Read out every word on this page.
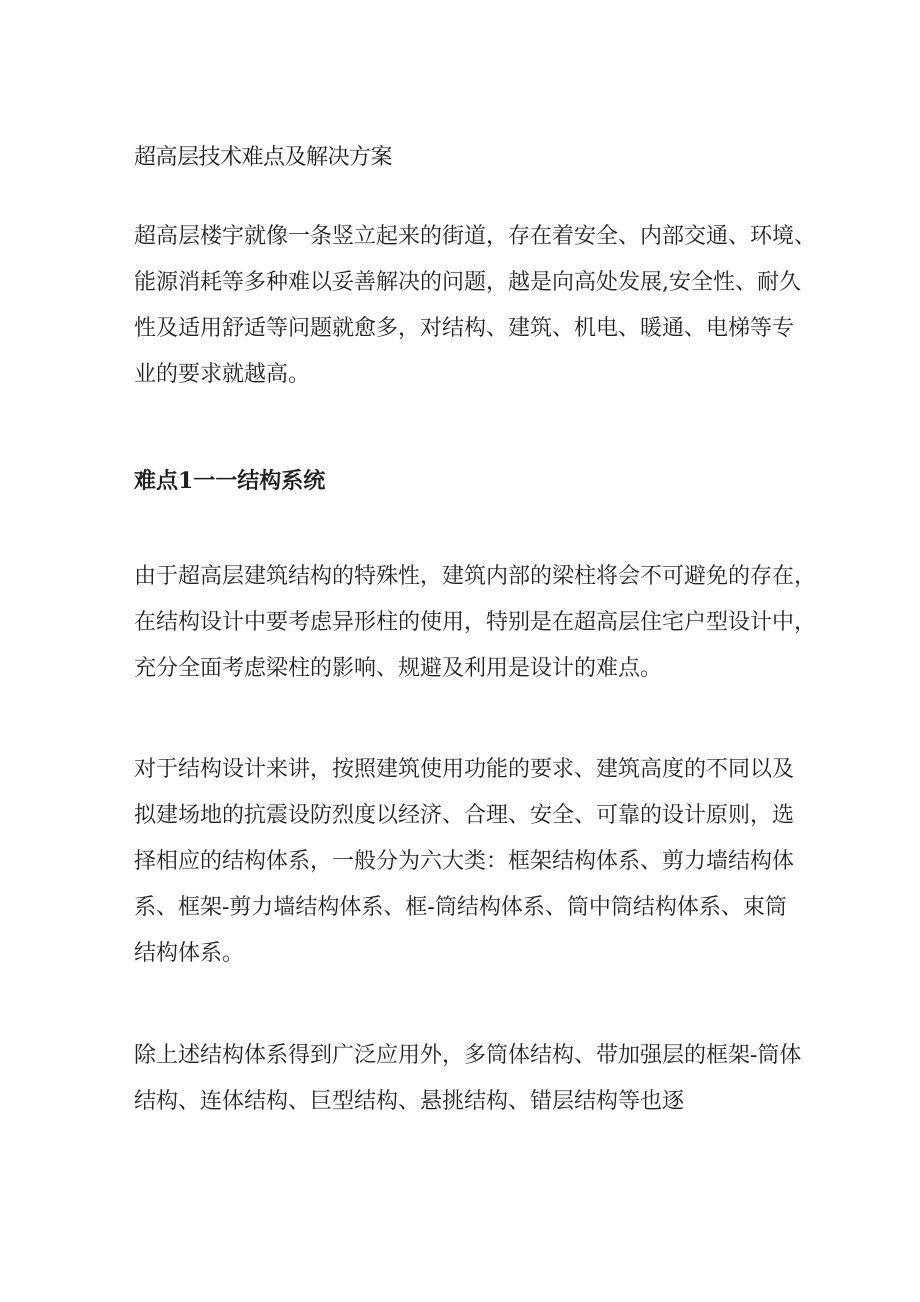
超高层技术难点及解决方案

超高层楼宇就像一条竖立起来的街道，存在着安全、内部交通、环境、
能源消耗等多种难以妥善解决的问题，越是向高处发展,安全性、耐久
性及适用舒适等问题就愈多，对结构、建筑、机电、暖通、电梯等专
业的要求就越高。

难点1一一结构系统

由于超高层建筑结构的特殊性，建筑内部的梁柱将会不可避免的存在，
在结构设计中要考虑异形柱的使用，特别是在超高层住宅户型设计中，
充分全面考虑梁柱的影响、规避及利用是设计的难点。

对于结构设计来讲，按照建筑使用功能的要求、建筑高度的不同以及
拟建场地的抗震设防烈度以经济、合理、安全、可靠的设计原则，选
择相应的结构体系，一般分为六大类：框架结构体系、剪力墙结构体
系、框架-剪力墙结构体系、框-筒结构体系、筒中筒结构体系、束筒
结构体系。

除上述结构体系得到广泛应用外，多筒体结构、带加强层的框架-筒体
结构、连体结构、巨型结构、悬挑结构、错层结构等也逐
